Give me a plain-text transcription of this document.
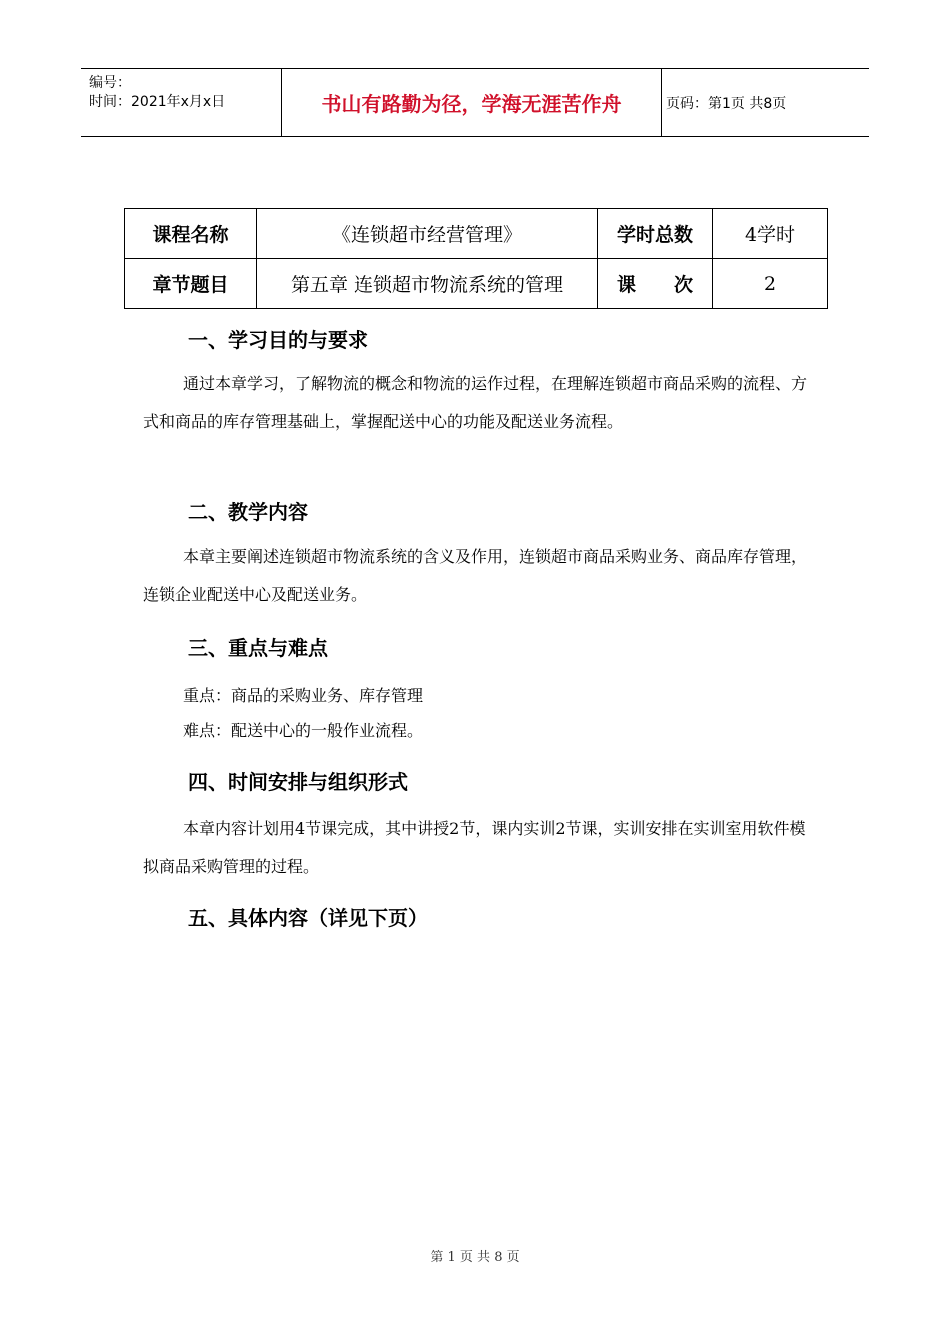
编号：
时间：2021年x月x日	书山有路勤为径，学海无涯苦作舟	页码：第1页 共8页
课程名称	《连锁超市经营管理》	学时总数	4学时
章节题目	第五章 连锁超市物流系统的管理	课　　次	2
一、学习目的与要求
通过本章学习，了解物流的概念和物流的运作过程，在理解连锁超市商品采购的流程、方式和商品的库存管理基础上，掌握配送中心的功能及配送业务流程。
二、教学内容
本章主要阐述连锁超市物流系统的含义及作用，连锁超市商品采购业务、商品库存管理，连锁企业配送中心及配送业务。
三、重点与难点
重点：商品的采购业务、库存管理
难点：配送中心的一般作业流程。
四、时间安排与组织形式
本章内容计划用4节课完成，其中讲授2节，课内实训2节课，实训安排在实训室用软件模拟商品采购管理的过程。
五、具体内容（详见下页）
第 1 页 共 8 页
